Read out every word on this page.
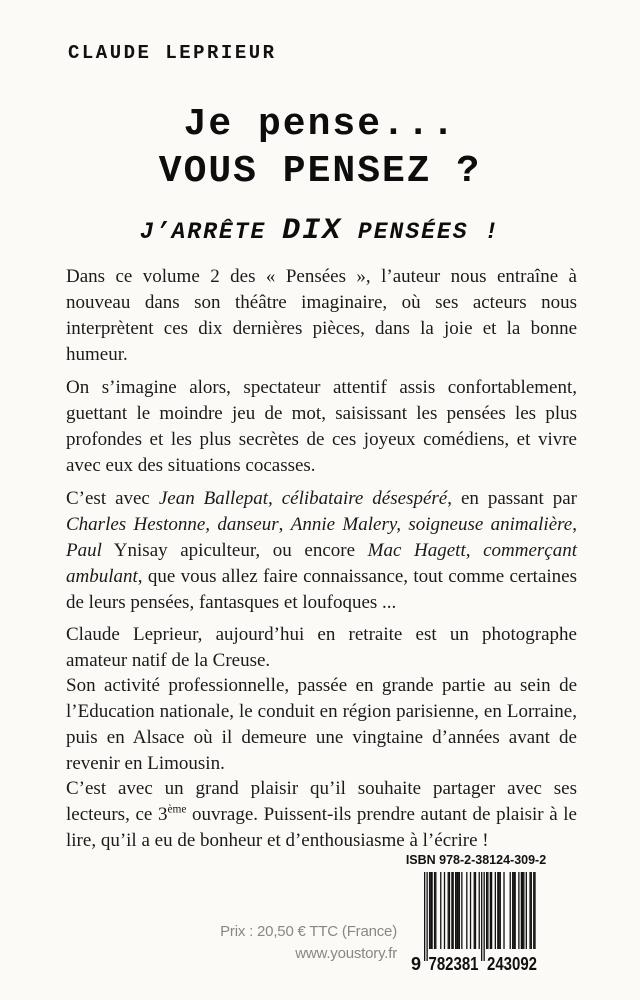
CLAUDE LEPRIEUR
Je pense...
VOUS PENSEZ ?
J’ARRÊTE DIX PENSÉES !

Dans ce volume 2 des « Pensées », l’auteur nous entraîne à nouveau dans son théâtre imaginaire, où ses acteurs nous interprètent ces dix dernières pièces, dans la joie et la bonne humeur.

On s’imagine alors, spectateur attentif assis confortablement, guettant le moindre jeu de mot, saisissant les pensées les plus profondes et les plus secrètes de ces joyeux comédiens, et vivre avec eux des situations cocasses.

C’est avec Jean Ballepat, célibataire désespéré, en passant par Charles Hestonne, danseur, Annie Malery, soigneuse animalière, Paul Ynisay apiculteur, ou encore Mac Hagett, commerçant ambulant, que vous allez faire connaissance, tout comme certaines de leurs pensées, fantasques et loufoques ...

Claude Leprieur, aujourd’hui en retraite est un photographe amateur natif de la Creuse.

Son activité professionnelle, passée en grande partie au sein de l’Education nationale, le conduit en région parisienne, en Lorraine, puis en Alsace où il demeure une vingtaine d’années avant de revenir en Limousin.

C’est avec un grand plaisir qu’il souhaite partager avec ses lecteurs, ce 3ème ouvrage. Puissent-ils prendre autant de plaisir à le lire, qu’il a eu de bonheur et d’enthousiasme à l’écrire !

Prix : 20,50 € TTC (France)
www.youstory.fr
ISBN 978-2-38124-309-2
9 782381 243092
